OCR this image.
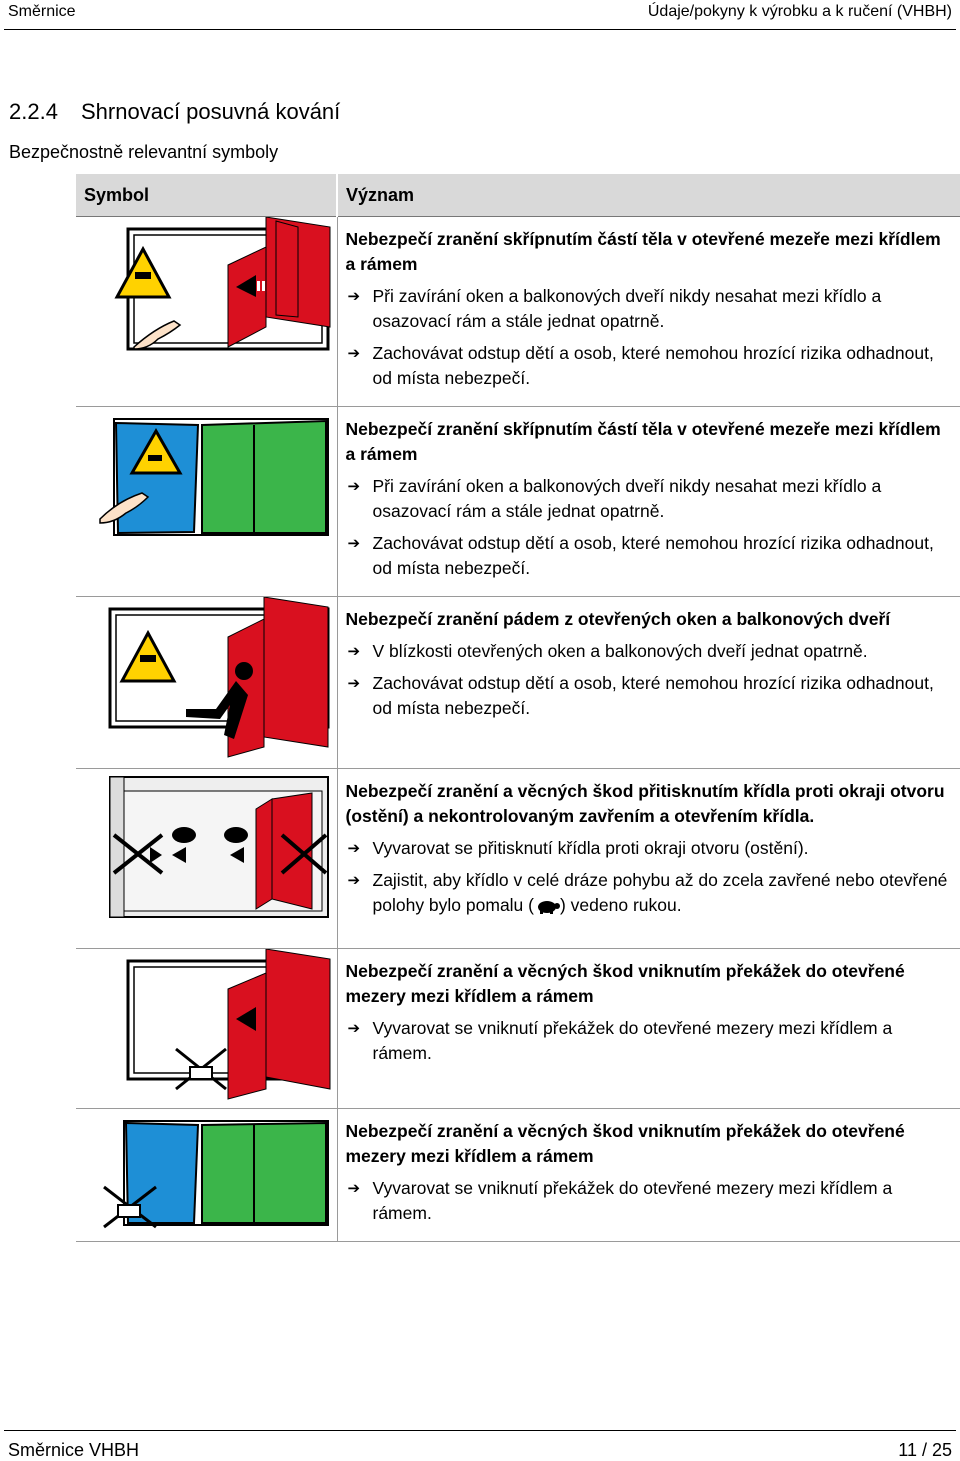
Směrnice	Údaje/pokyny k výrobku a k ručení (VHBH)
2.2.4 Shrnovací posuvná kování
Bezpečnostně relevantní symboly
Symbol	Význam

Nebezpečí zranění skřípnutím částí těla v otevřené mezeře mezi křídlem a rámem
➔ Při zavírání oken a balkonových dveří nikdy nesahat mezi křídlo a osazovací rám a stále jednat opatrně.
➔ Zachovávat odstup dětí a osob, které nemohou hrozící rizika odhadnout, od místa nebezpečí.

Nebezpečí zranění skřípnutím částí těla v otevřené mezeře mezi křídlem a rámem
➔ Při zavírání oken a balkonových dveří nikdy nesahat mezi křídlo a osazovací rám a stále jednat opatrně.
➔ Zachovávat odstup dětí a osob, které nemohou hrozící rizika odhadnout, od místa nebezpečí.

Nebezpečí zranění pádem z otevřených oken a balkonových dveří
➔ V blízkosti otevřených oken a balkonových dveří jednat opatrně.
➔ Zachovávat odstup dětí a osob, které nemohou hrozící rizika odhadnout, od místa nebezpečí.

Nebezpečí zranění a věcných škod přitisknutím křídla proti okraji otvoru (ostění) a nekontrolovaným zavřením a otevřením křídla.
➔ Vyvarovat se přitisknutí křídla proti okraji otvoru (ostění).
➔ Zajistit, aby křídlo v celé dráze pohybu až do zcela zavřené nebo otevřené polohy bylo pomalu ( ) vedeno rukou.

Nebezpečí zranění a věcných škod vniknutím překážek do otevřené mezery mezi křídlem a rámem
➔ Vyvarovat se vniknutí překážek do otevřené mezery mezi křídlem a rámem.

Nebezpečí zranění a věcných škod vniknutím překážek do otevřené mezery mezi křídlem a rámem
➔ Vyvarovat se vniknutí překážek do otevřené mezery mezi křídlem a rámem.
Směrnice VHBH	11 / 25
